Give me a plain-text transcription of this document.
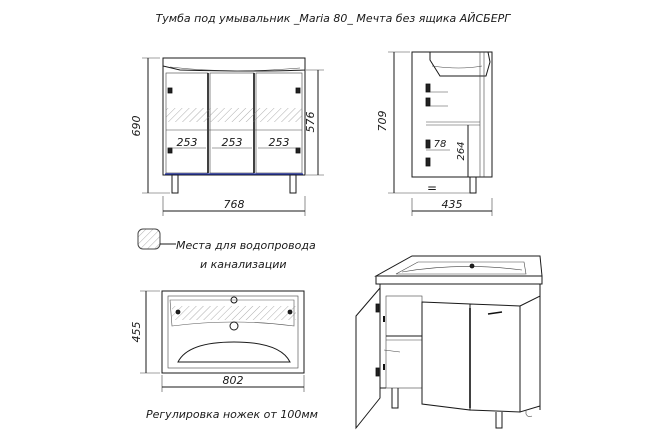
Тумба под умывальник _Maria 80_ Мечта без ящика АЙСБЕРГ
253 253 253
690	576
768
709
78 264
=
435
Места для водопровода
и канализации
455
802
Регулировка ножек от 100мм
